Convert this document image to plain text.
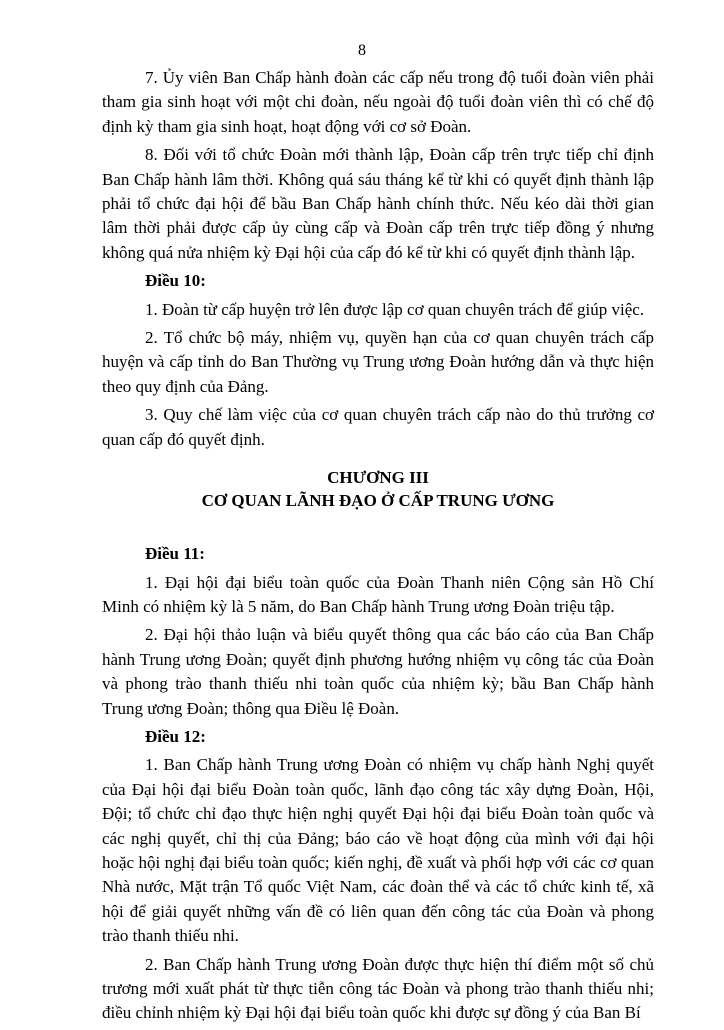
8

7. Ủy viên Ban Chấp hành đoàn các cấp nếu trong độ tuổi đoàn viên phải tham gia sinh hoạt với một chi đoàn, nếu ngoài độ tuổi đoàn viên thì có chế độ định kỳ tham gia sinh hoạt, hoạt động với cơ sở Đoàn.

8. Đối với tổ chức Đoàn mới thành lập, Đoàn cấp trên trực tiếp chỉ định Ban Chấp hành lâm thời. Không quá sáu tháng kể từ khi có quyết định thành lập phải tổ chức đại hội để bầu Ban Chấp hành chính thức. Nếu kéo dài thời gian lâm thời phải được cấp ủy cùng cấp và Đoàn cấp trên trực tiếp đồng ý nhưng không quá nửa nhiệm kỳ Đại hội của cấp đó kể từ khi có quyết định thành lập.

Điều 10:

1. Đoàn từ cấp huyện trở lên được lập cơ quan chuyên trách để giúp việc.

2. Tổ chức bộ máy, nhiệm vụ, quyền hạn của cơ quan chuyên trách cấp huyện và cấp tỉnh do Ban Thường vụ Trung ương Đoàn hướng dẫn và thực hiện theo quy định của Đảng.

3. Quy chế làm việc của cơ quan chuyên trách cấp nào do thủ trưởng cơ quan cấp đó quyết định.

CHƯƠNG III
CƠ QUAN LÃNH ĐẠO Ở CẤP TRUNG ƯƠNG

Điều 11:

1. Đại hội đại biểu toàn quốc của Đoàn Thanh niên Cộng sản Hồ Chí Minh có nhiệm kỳ là 5 năm, do Ban Chấp hành Trung ương Đoàn triệu tập.

2. Đại hội thảo luận và biểu quyết thông qua các báo cáo của Ban Chấp hành Trung ương Đoàn; quyết định phương hướng nhiệm vụ công tác của Đoàn và phong trào thanh thiếu nhi toàn quốc của nhiệm kỳ; bầu Ban Chấp hành Trung ương Đoàn; thông qua Điều lệ Đoàn.

Điều 12:

1. Ban Chấp hành Trung ương Đoàn có nhiệm vụ chấp hành Nghị quyết của Đại hội đại biểu Đoàn toàn quốc, lãnh đạo công tác xây dựng Đoàn, Hội, Đội; tổ chức chỉ đạo thực hiện nghị quyết Đại hội đại biểu Đoàn toàn quốc và các nghị quyết, chỉ thị của Đảng; báo cáo về hoạt động của mình với đại hội hoặc hội nghị đại biểu toàn quốc; kiến nghị, đề xuất và phối hợp với các cơ quan Nhà nước, Mặt trận Tổ quốc Việt Nam, các đoàn thể và các tổ chức kinh tế, xã hội để giải quyết những vấn đề có liên quan đến công tác của Đoàn và phong trào thanh thiếu nhi.

2. Ban Chấp hành Trung ương Đoàn được thực hiện thí điểm một số chủ trương mới xuất phát từ thực tiễn công tác Đoàn và phong trào thanh thiếu nhi; điều chỉnh nhiệm kỳ Đại hội đại biểu toàn quốc khi được sự đồng ý của Ban Bí
